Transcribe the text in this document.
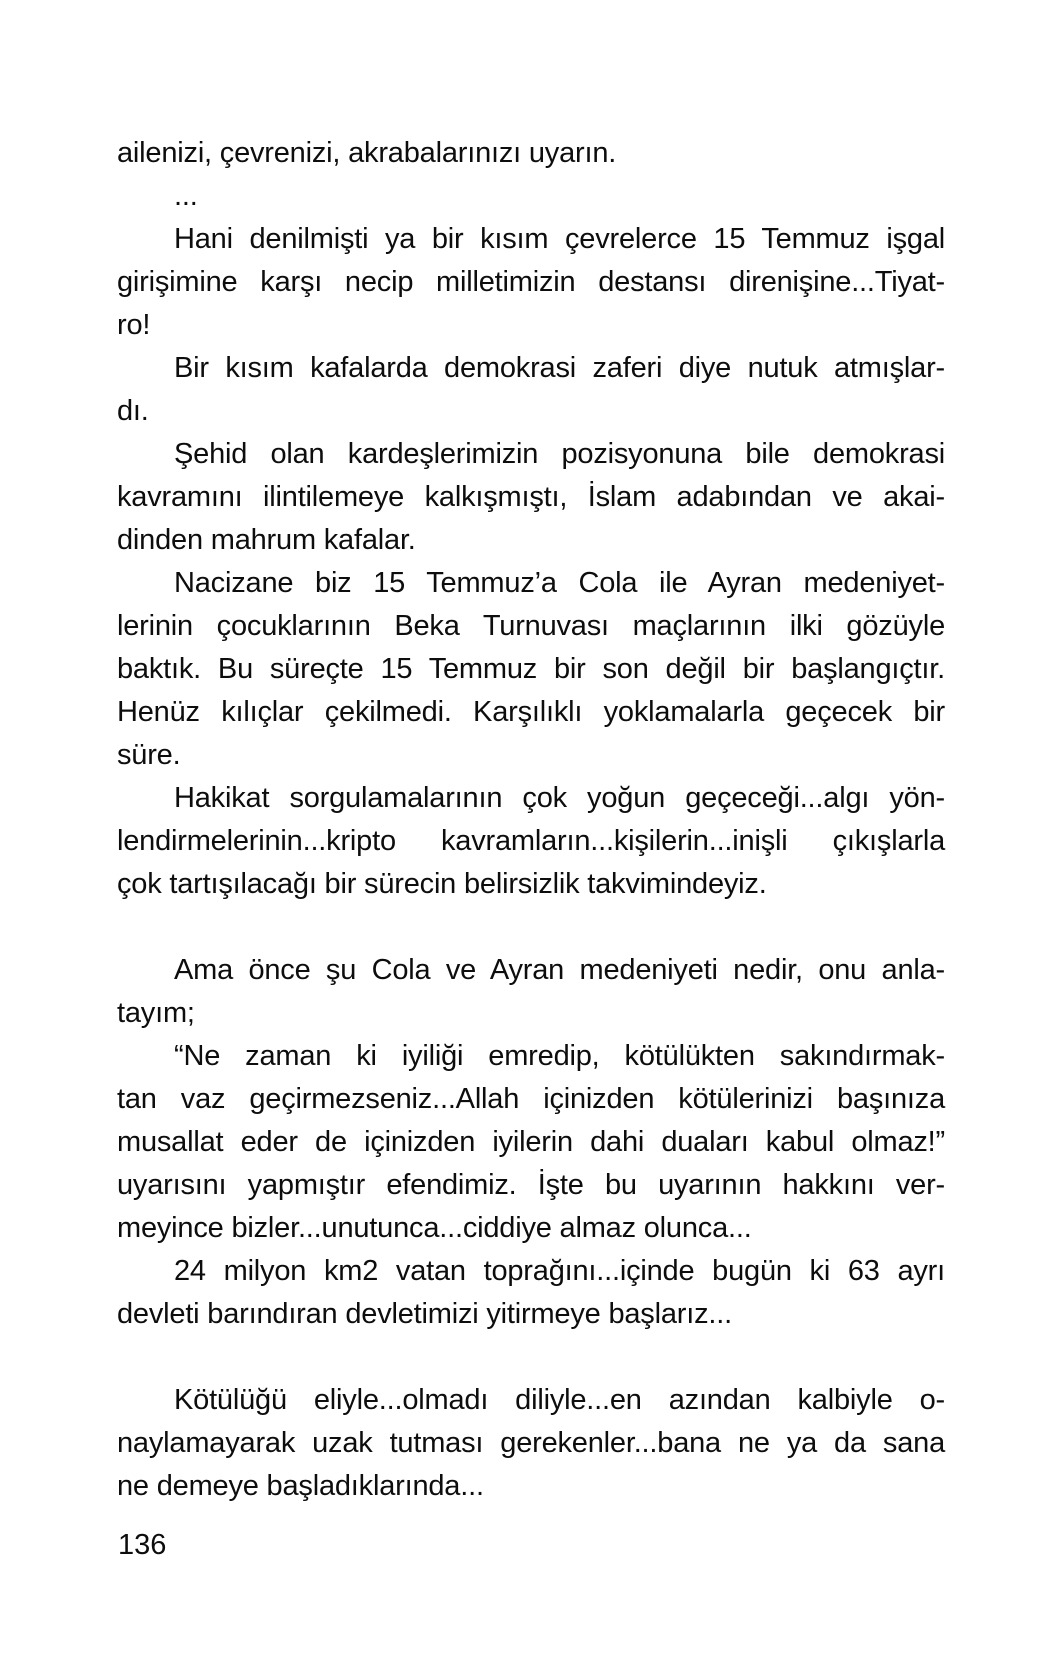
ailenizi, çevrenizi, akrabalarınızı uyarın.
...
Hani denilmişti ya bir kısım çevrelerce 15 Temmuz işgal
girişimine karşı necip milletimizin destansı direnişine...Tiyat-
ro!
Bir kısım kafalarda demokrasi zaferi diye nutuk atmışlar-
dı.
Şehid olan kardeşlerimizin pozisyonuna bile demokrasi
kavramını ilintilemeye kalkışmıştı, İslam adabından ve akai-
dinden mahrum kafalar.
Nacizane biz 15 Temmuz’a Cola ile Ayran medeniyet-
lerinin çocuklarının Beka Turnuvası maçlarının ilki gözüyle
baktık. Bu süreçte 15 Temmuz bir son değil bir başlangıçtır.
Henüz kılıçlar çekilmedi. Karşılıklı yoklamalarla geçecek bir
süre.
Hakikat sorgulamalarının çok yoğun geçeceği...algı yön-
lendirmelerinin...kripto kavramların...kişilerin...inişli çıkışlarla
çok tartışılacağı bir sürecin belirsizlik takvimindeyiz.
Ama önce şu Cola ve Ayran medeniyeti nedir, onu anla-
tayım;
“Ne zaman ki iyiliği emredip, kötülükten sakındırmak-
tan vaz geçirmezseniz...Allah içinizden kötülerinizi başınıza
musallat eder de içinizden iyilerin dahi duaları kabul olmaz!”
uyarısını yapmıştır efendimiz. İşte bu uyarının hakkını ver-
meyince bizler...unutunca...ciddiye almaz olunca...
24 milyon km2 vatan toprağını...içinde bugün ki 63 ayrı
devleti barındıran devletimizi yitirmeye başlarız...
Kötülüğü eliyle...olmadı diliyle...en azından kalbiyle o-
naylamayarak uzak tutması gerekenler...bana ne ya da sana
ne demeye başladıklarında...
136
